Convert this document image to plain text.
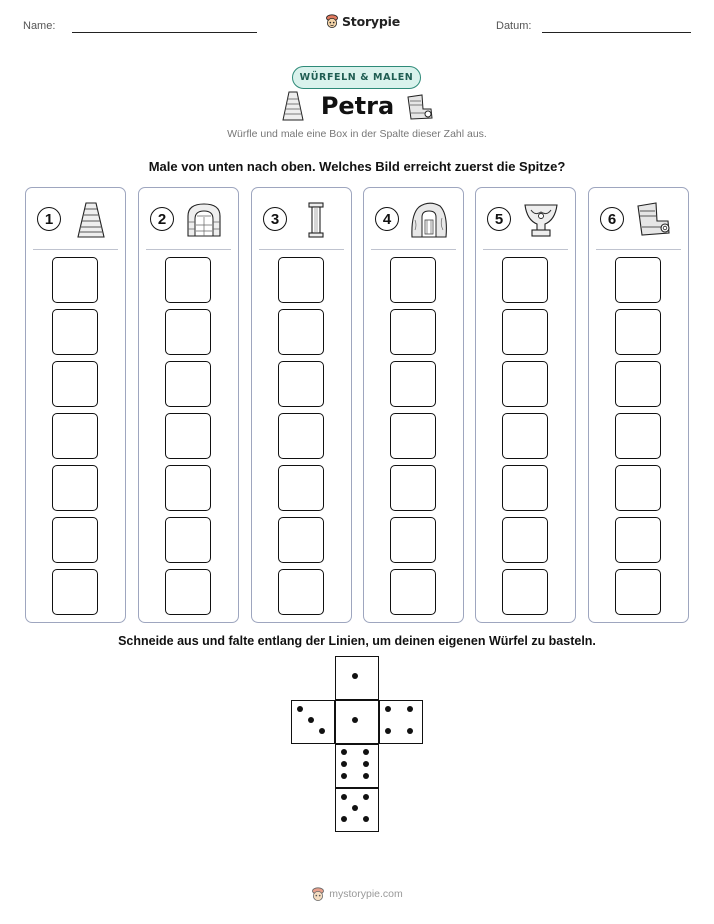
Name:	Storypie	Datum:
WÜRFELN & MALEN
Petra
Würfle und male eine Box in der Spalte dieser Zahl aus.
Male von unten nach oben. Welches Bild erreicht zuerst die Spitze?
1	2	3	4	5	6
Schneide aus und falte entlang der Linien, um deinen eigenen Würfel zu basteln.
mystorypie.com
